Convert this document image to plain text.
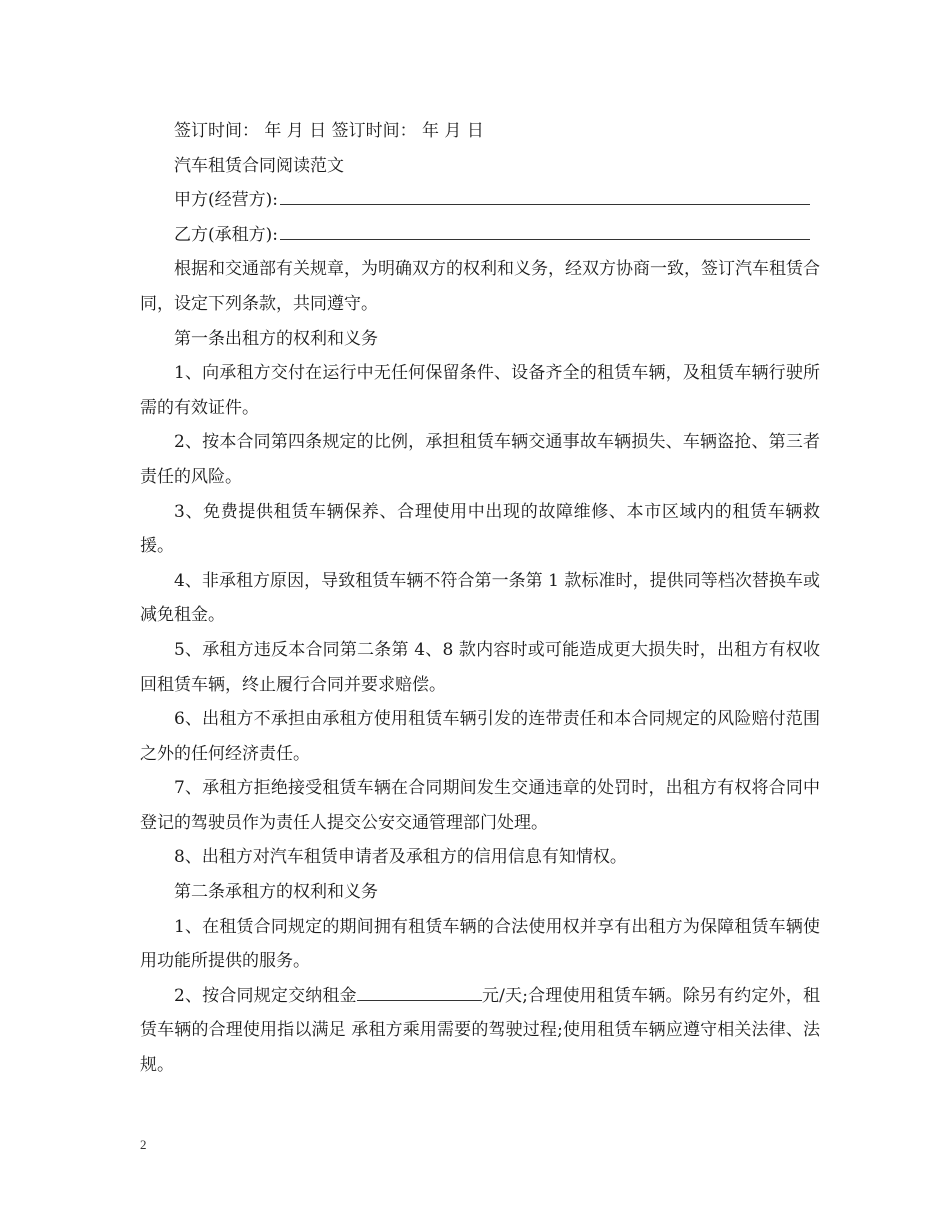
签订时间： 年 月 日 签订时间： 年 月 日

汽车租赁合同阅读范文

甲方(经营方):
乙方(承租方):

根据和交通部有关规章，为明确双方的权利和义务，经双方协商一致，签订汽车租赁合同，设定下列条款，共同遵守。

第一条出租方的权利和义务

1、向承租方交付在运行中无任何保留条件、设备齐全的租赁车辆，及租赁车辆行驶所需的有效证件。

2、按本合同第四条规定的比例，承担租赁车辆交通事故车辆损失、车辆盗抢、第三者责任的风险。

3、免费提供租赁车辆保养、合理使用中出现的故障维修、本市区域内的租赁车辆救援。

4、非承租方原因，导致租赁车辆不符合第一条第 1 款标准时，提供同等档次替换车或减免租金。

5、承租方违反本合同第二条第 4、8 款内容时或可能造成更大损失时，出租方有权收回租赁车辆，终止履行合同并要求赔偿。

6、出租方不承担由承租方使用租赁车辆引发的连带责任和本合同规定的风险赔付范围之外的任何经济责任。

7、承租方拒绝接受租赁车辆在合同期间发生交通违章的处罚时，出租方有权将合同中登记的驾驶员作为责任人提交公安交通管理部门处理。

8、出租方对汽车租赁申请者及承租方的信用信息有知情权。

第二条承租方的权利和义务

1、在租赁合同规定的期间拥有租赁车辆的合法使用权并享有出租方为保障租赁车辆使用功能所提供的服务。

2、按合同规定交纳租金	元/天;合理使用租赁车辆。除另有约定外，租赁车辆的合理使用指以满足 承租方乘用需要的驾驶过程;使用租赁车辆应遵守相关法律、法规。

2
